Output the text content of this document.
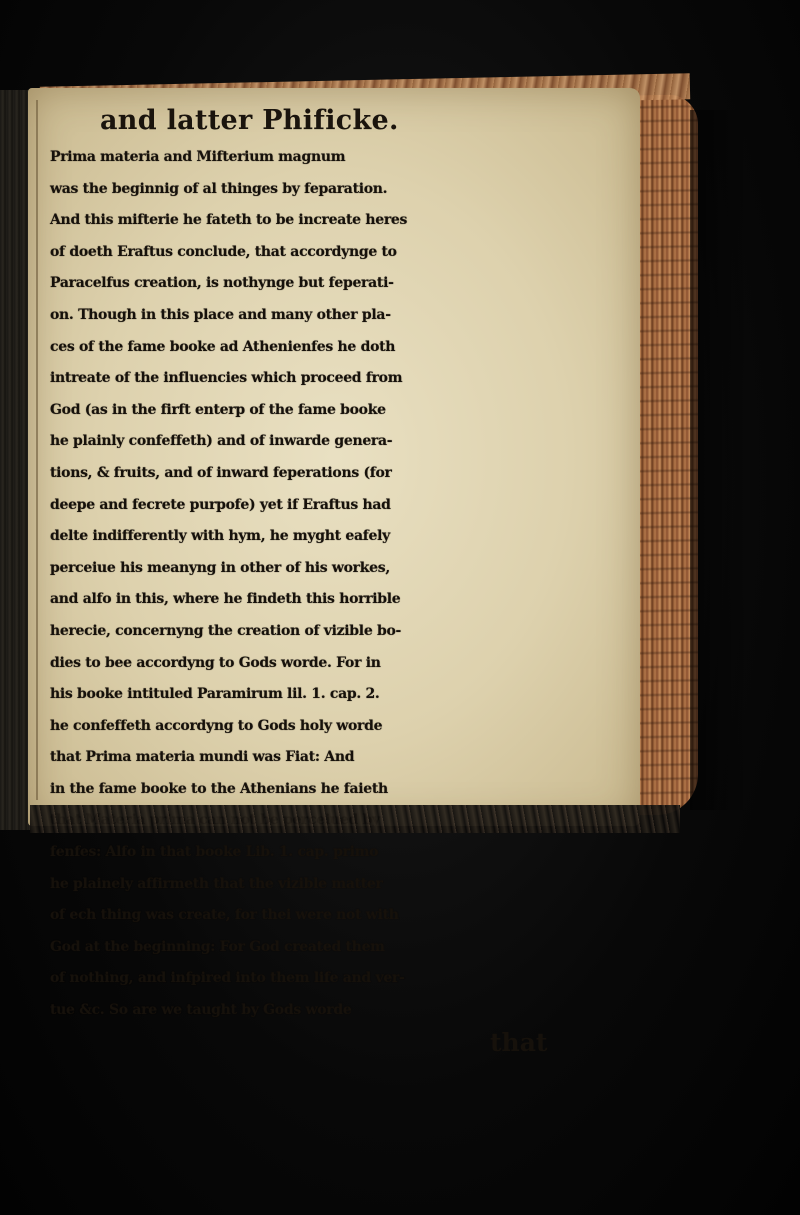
and latter Phificke.

Prima materia and Mifterium magnum

was the beginnig of al thinges by feparation.

And this mifterie he fateth to be increate heres

of doeth Eraftus conclude, that accordynge to

Paracelfus creation, is nothynge but feperati-

on. Though in this place and many other pla-

ces of the fame booke ad Athenienfes he doth

intreate of the influencies which proceed from

God (as in the firft enterp of the fame booke

he plainly confeffeth) and of inwarde genera-

tions, & fruits, and of inward feperations (for

deepe and fecrete purpofe) yet if Eraftus had

delte indifferently with hym, he myght eafely

perceiue his meanyng in other of his workes,

and alfo in this, where he findeth this horrible

herecie, concernyng the creation of vizible bo-

dies to bee accordyng to Gods worde. For in

his booke intituled Paramirum lil. 1. cap. 2.

he confeffeth accordyng to Gods holy worde

that Prima materia mundi was Fiat: And

in the fame booke to the Athenians he faieth

fenfes: Alfo in that booke Lib. 1. cap. primo

he plainely affirmeth that the vizible matter

of ech thing was create, for thei were not with

God at the beginning: For God created them

of nothing, and infpired into them life and ver-

tue &c. So are we taught by Gods worde

that
